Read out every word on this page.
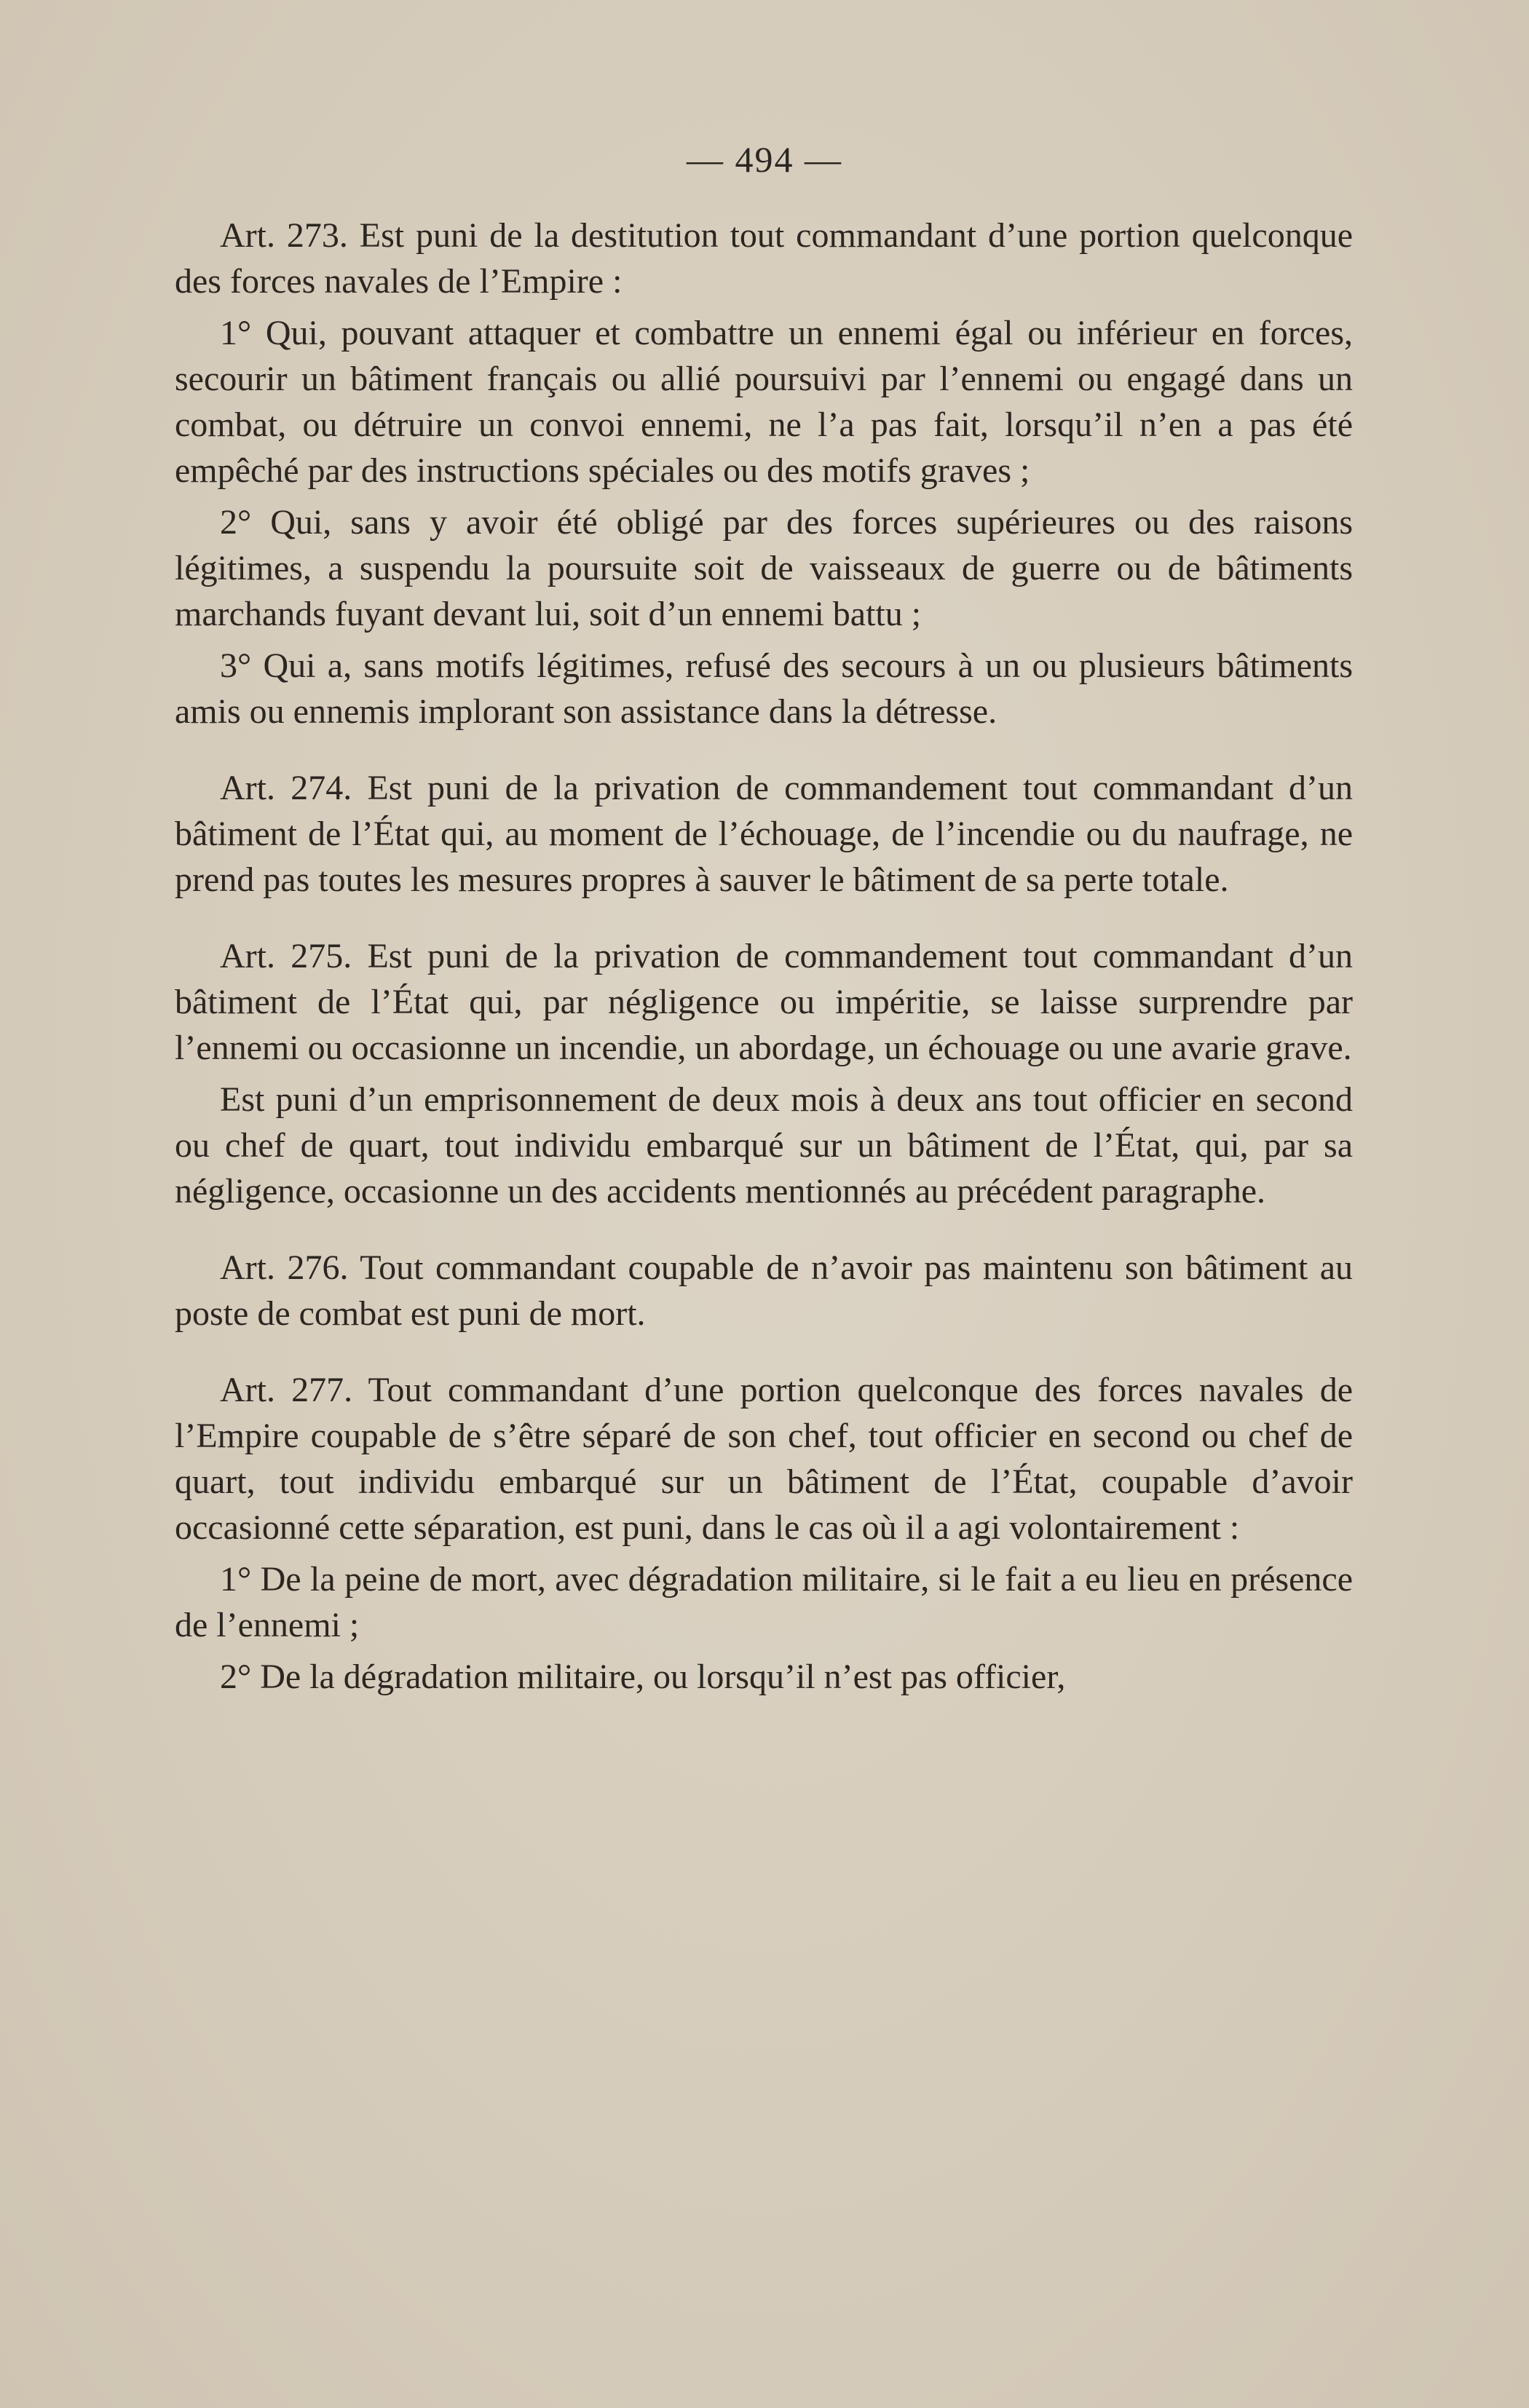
— 494 —

Art. 273. Est puni de la destitution tout commandant d’une portion quelconque des forces navales de l’Empire :

1° Qui, pouvant attaquer et combattre un ennemi égal ou inférieur en forces, secourir un bâtiment français ou allié poursuivi par l’ennemi ou engagé dans un combat, ou détruire un convoi ennemi, ne l’a pas fait, lorsqu’il n’en a pas été empêché par des instructions spéciales ou des motifs graves ;

2° Qui, sans y avoir été obligé par des forces supérieures ou des raisons légitimes, a suspendu la poursuite soit de vaisseaux de guerre ou de bâtiments marchands fuyant devant lui, soit d’un ennemi battu ;

3° Qui a, sans motifs légitimes, refusé des secours à un ou plusieurs bâtiments amis ou ennemis implorant son assistance dans la détresse.

Art. 274. Est puni de la privation de commandement tout commandant d’un bâtiment de l’État qui, au moment de l’échouage, de l’incendie ou du naufrage, ne prend pas toutes les mesures propres à sauver le bâtiment de sa perte totale.

Art. 275. Est puni de la privation de commandement tout commandant d’un bâtiment de l’État qui, par négligence ou impéritie, se laisse surprendre par l’ennemi ou occasionne un incendie, un abordage, un échouage ou une avarie grave.

Est puni d’un emprisonnement de deux mois à deux ans tout officier en second ou chef de quart, tout individu embarqué sur un bâtiment de l’État, qui, par sa négligence, occasionne un des accidents mentionnés au précédent paragraphe.

Art. 276. Tout commandant coupable de n’avoir pas maintenu son bâtiment au poste de combat est puni de mort.

Art. 277. Tout commandant d’une portion quelconque des forces navales de l’Empire coupable de s’être séparé de son chef, tout officier en second ou chef de quart, tout individu embarqué sur un bâtiment de l’État, coupable d’avoir occasionné cette séparation, est puni, dans le cas où il a agi volontairement :

1° De la peine de mort, avec dégradation militaire, si le fait a eu lieu en présence de l’ennemi ;

2° De la dégradation militaire, ou lorsqu’il n’est pas officier,
